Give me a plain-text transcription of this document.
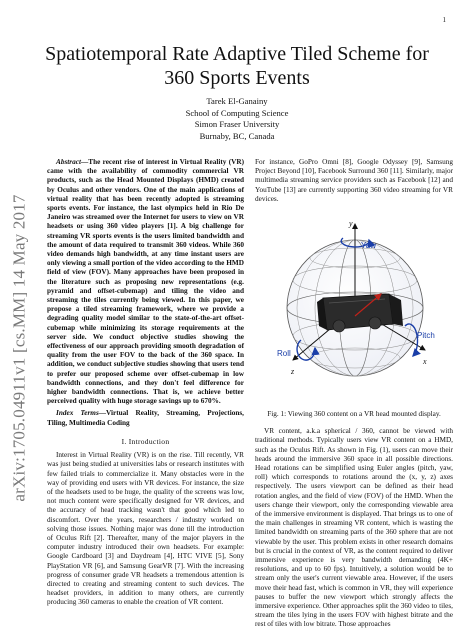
1
arXiv:1705.04911v1 [cs.MM] 14 May 2017
Spatiotemporal Rate Adaptive Tiled Scheme for 360 Sports Events
Tarek El-Ganainy
School of Computing Science
Simon Fraser University
Burnaby, BC, Canada

Abstract—The recent rise of interest in Virtual Reality (VR) came with the availability of commodity commercial VR products, such as the Head Mounted Displays (HMD) created by Oculus and other vendors. One of the main applications of virtual reality that has been recently adopted is streaming sports events. For instance, the last olympics held in Rio De Janeiro was streamed over the Internet for users to view on VR headsets or using 360 video players [1]. A big challenge for streaming VR sports events is the users limited bandwidth and the amount of data required to transmit 360 videos. While 360 video demands high bandwidth, at any time instant users are only viewing a small portion of the video according to the HMD field of view (FOV). Many approaches have been proposed in the literature such as proposing new representations (e.g. pyramid and offset-cubemap) and tiling the video and streaming the tiles currently being viewed. In this paper, we propose a tiled streaming framework, where we provide a degrading quality model similar to the state-of-the-art offset-cubemap while minimizing its storage requirements at the server side. We conduct objective studies showing the effectiveness of our approach providing smooth degradation of quality from the user FOV to the back of the 360 space. In addition, we conduct subjective studies showing that users tend to prefer our proposed scheme over offset-cubemap in low bandwidth connections, and they don't feel difference for higher bandwidth connections. That is, we achieve better perceived quality with huge storage savings up to 670%.

Index Terms—Virtual Reality, Streaming, Projections, Tiling, Multimedia Coding

I. Introduction

Interest in Virtual Reality (VR) is on the rise. Till recently, VR was just being studied at universities labs or research institutes with few failed trials to commercialize it. Many obstacles were in the way of providing end users with VR devices. For instance, the size of the headsets used to be huge, the quality of the screens was low, not much content were specifically designed for VR devices, and the accuracy of head tracking wasn't that good which led to discomfort. Over the years, researchers / industry worked on solving those issues. Nothing major was done till the introduction of Oculus Rift [2]. Thereafter, many of the major players in the computer industry introduced their own headsets. For example: Google Cardboard [3] and Daydream [4], HTC VIVE [5], Sony PlayStation VR [6], and Samsung GearVR [7]. With the increasing progress of consumer grade VR headsets a tremendous attention is directed to creating and streaming content to such devices. The headset providers, in addition to many others, are currently producing 360 cameras to enable the creation of VR content.

For instance, GoPro Omni [8], Google Odyssey [9], Samsung Project Beyond [10], Facebook Surround 360 [11]. Similarly, major multimedia streaming service providers such as Facebook [12] and YouTube [13] are currently supporting 360 video streaming for VR devices.

Yaw
Pitch
Roll
y
x
z
Fig. 1: Viewing 360 content on a VR head mounted display.

VR content, a.k.a spherical / 360, cannot be viewed with traditional methods. Typically users view VR content on a HMD, such as the Oculus Rift. As shown in Fig. (1), users can move their heads around the immersive 360 space in all possible directions. Head rotations can be simplified using Euler angles (pitch, yaw, roll) which corresponds to rotations around the (x, y, z) axes respectively. The users viewport can be defined as their head rotation angles, and the field of view (FOV) of the HMD. When the users change their viewport, only the corresponding viewable area of the immersive environment is displayed. That brings us to one of the main challenges in streaming VR content, which is wasting the limited bandwidth on streaming parts of the 360 sphere that are not viewable by the user. This problem exists in other research domains but is crucial in the context of VR, as the content required to deliver immersive experience is very bandwidth demanding (4K+ resolutions, and up to 60 fps). Intuitively, a solution would be to stream only the user's current viewable area. However, if the users move their head fast, which is common in VR, they will experience pauses to buffer the new viewport which strongly affects the immersive experience. Other approaches split the 360 video to tiles, stream the tiles lying in the users FOV with highest bitrate and the rest of tiles with low bitrate. Those approaches
